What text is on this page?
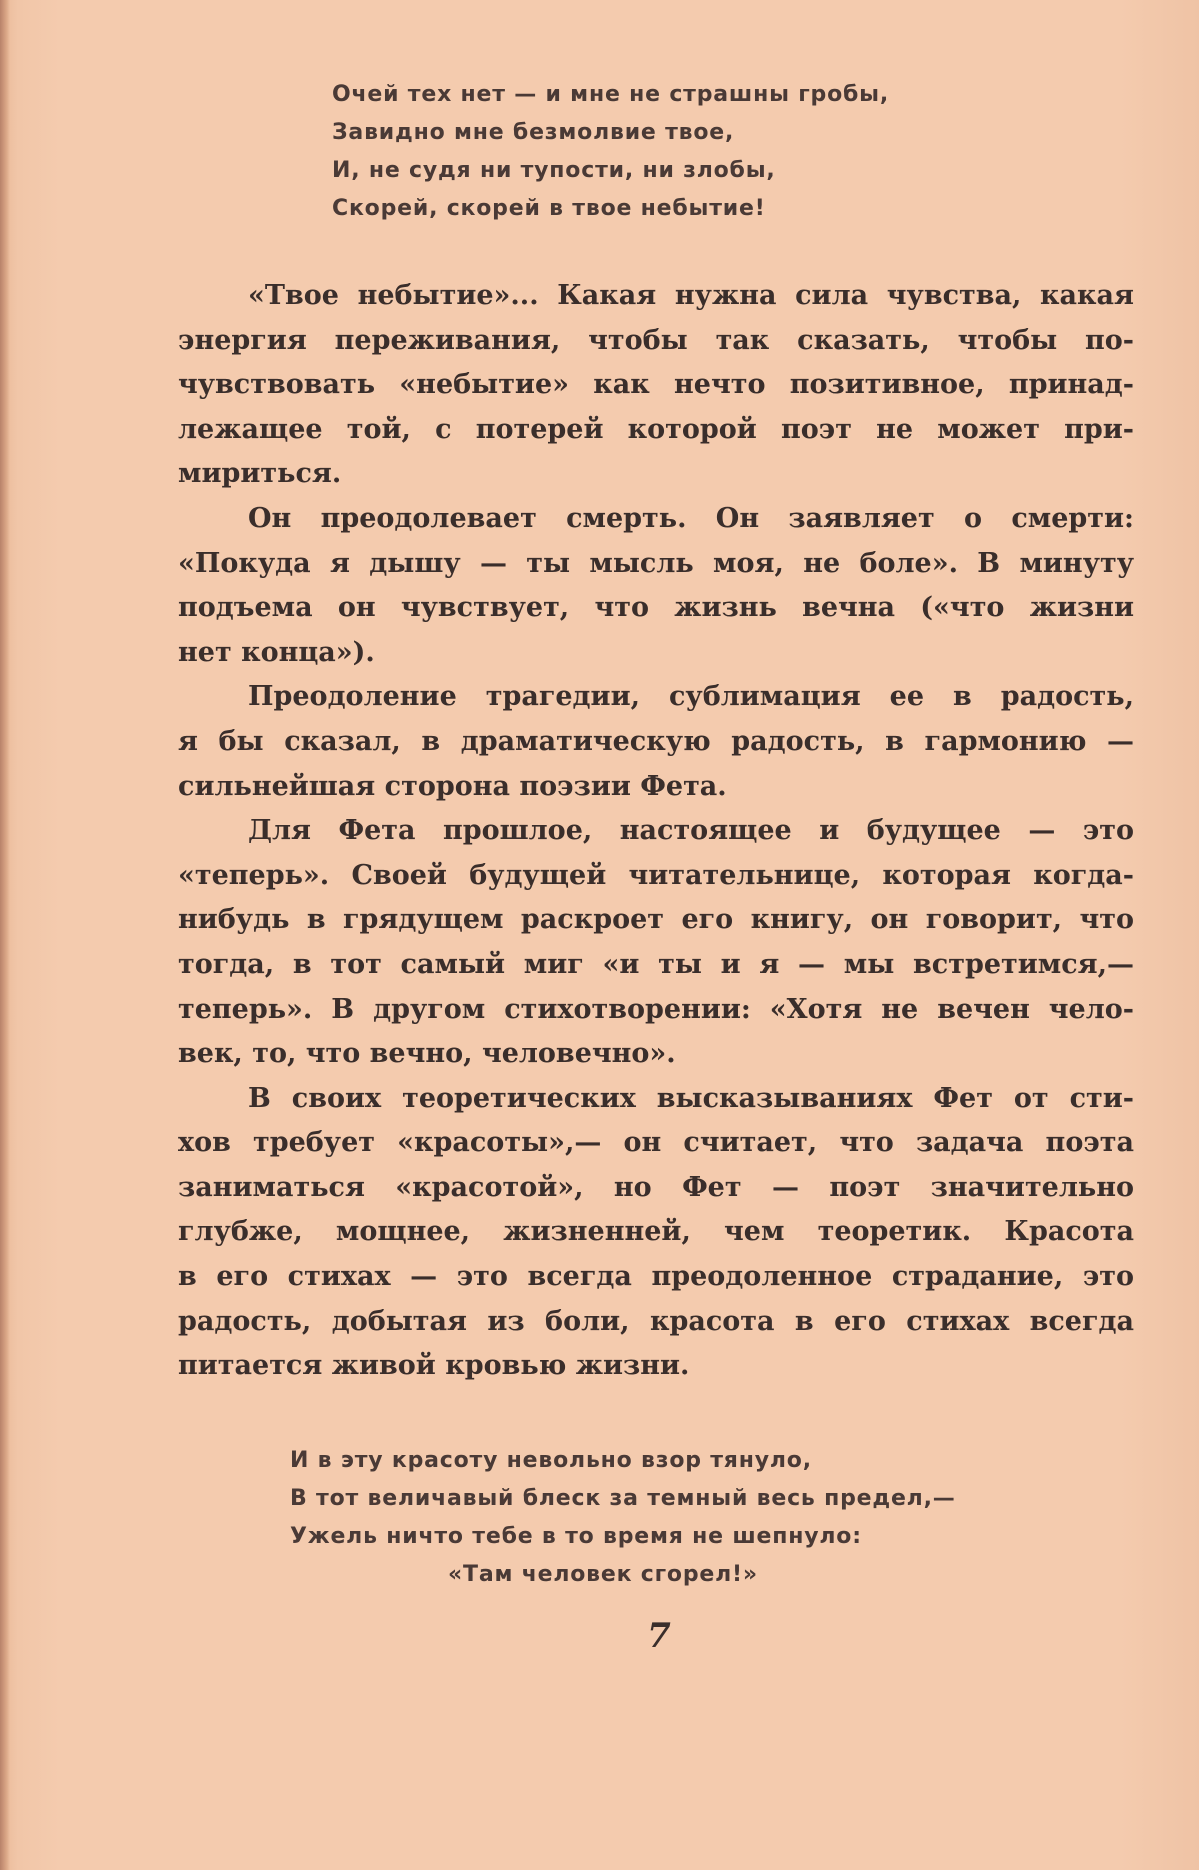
Очей тех нет — и мне не страшны гробы,
Завидно мне безмолвие твое,
И, не судя ни тупости, ни злобы,
Скорей, скорей в твое небытие!
«Твое небытие»... Какая нужна сила чувства, какая
энергия переживания, чтобы так сказать, чтобы по-
чувствовать «небытие» как нечто позитивное, принад-
лежащее той, с потерей которой поэт не может при-
мириться.
Он преодолевает смерть. Он заявляет о смерти:
«Покуда я дышу — ты мысль моя, не боле». В минуту
подъема он чувствует, что жизнь вечна («что жизни
нет конца»).
Преодоление трагедии, сублимация ее в радость,
я бы сказал, в драматическую радость, в гармонию —
сильнейшая сторона поэзии Фета.
Для Фета прошлое, настоящее и будущее — это
«теперь». Своей будущей читательнице, которая когда-
нибудь в грядущем раскроет его книгу, он говорит, что
тогда, в тот самый миг «и ты и я — мы встретимся,—
теперь». В другом стихотворении: «Хотя не вечен чело-
век, то, что вечно, человечно».
В своих теоретических высказываниях Фет от сти-
хов требует «красоты»,— он считает, что задача поэта
заниматься «красотой», но Фет — поэт значительно
глубже, мощнее, жизненней, чем теоретик. Красота
в его стихах — это всегда преодоленное страдание, это
радость, добытая из боли, красота в его стихах всегда
питается живой кровью жизни.
И в эту красоту невольно взор тянуло,
В тот величавый блеск за темный весь предел,—
Ужель ничто тебе в то время не шепнуло:
«Там человек сгорел!»
7
